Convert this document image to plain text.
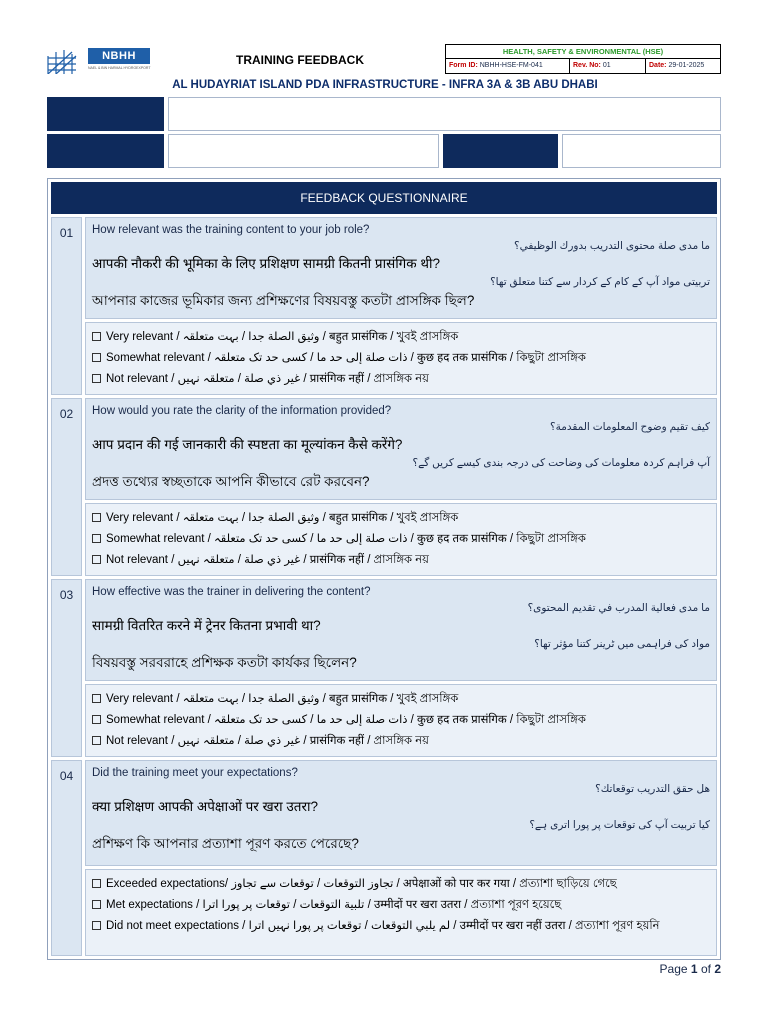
NBHH
NAEL & BIN HARMAL HYDROEXPORT
TRAINING FEEDBACK
AL HUDAYRIAT ISLAND PDA INFRASTRUCTURE - INFRA 3A & 3B ABU DHABI
HEALTH, SAFETY & ENVIRONMENTAL (HSE)
Form ID: NBHH-HSE-FM-041	Rev. No: 01	Date: 29-01-2025
FEEDBACK QUESTIONNAIRE
01	How relevant was the training content to your job role?
ما مدى صلة محتوى التدريب بدورك الوظيفي؟
आपकी नौकरी की भूमिका के लिए प्रशिक्षण सामग्री कितनी प्रासंगिक थी?
تربیتی مواد آپ کے کام کے کردار سے کتنا متعلق تھا؟
আপনার কাজের ভূমিকার জন্য প্রশিক্ষণের বিষয়বস্তু কতটা প্রাসঙ্গিক ছিল?
Very relevant / وثيق الصلة جدا / بہت متعلقہ / बहुत प्रासंगिक / খুবই প্রাসঙ্গিক
Somewhat relevant / ذات صلة إلى حد ما / کسی حد تک متعلقہ / कुछ हद तक प्रासंगिक / কিছুটা প্রাসঙ্গিক
Not relevant / غير ذي صلة / متعلقہ نہیں / प्रासंगिक नहीं / প্রাসঙ্গিক নয়
02	How would you rate the clarity of the information provided?
كيف تقيم وضوح المعلومات المقدمة؟
आप प्रदान की गई जानकारी की स्पष्टता का मूल्यांकन कैसे करेंगे?
آپ فراہم کردہ معلومات کی وضاحت کی درجہ بندی کیسے کریں گے؟
প্রদত্ত তথ্যের স্বচ্ছতাকে আপনি কীভাবে রেট করবেন?
Very relevant / وثيق الصلة جدا / بہت متعلقہ / बहुत प्रासंगिक / খুবই প্রাসঙ্গিক
Somewhat relevant / ذات صلة إلى حد ما / کسی حد تک متعلقہ / कुछ हद तक प्रासंगिक / কিছুটা প্রাসঙ্গিক
Not relevant / غير ذي صلة / متعلقہ نہیں / प्रासंगिक नहीं / প্রাসঙ্গিক নয়
03	How effective was the trainer in delivering the content?
ما مدى فعالية المدرب في تقديم المحتوى؟
सामग्री वितरित करने में ट्रेनर कितना प्रभावी था?
مواد کی فراہمی میں ٹرینر کتنا مؤثر تھا؟
বিষয়বস্তু সরবরাহে প্রশিক্ষক কতটা কার্যকর ছিলেন?
Very relevant / وثيق الصلة جدا / بہت متعلقہ / बहुत प्रासंगिक / খুবই প্রাসঙ্গিক
Somewhat relevant / ذات صلة إلى حد ما / کسی حد تک متعلقہ / कुछ हद तक प्रासंगिक / কিছুটা প্রাসঙ্গিক
Not relevant / غير ذي صلة / متعلقہ نہیں / प्रासंगिक नहीं / প্রাসঙ্গিক নয়
04	Did the training meet your expectations?
هل حقق التدريب توقعاتك؟
क्या प्रशिक्षण आपकी अपेक्षाओं पर खरा उतरा?
کیا تربیت آپ کی توقعات پر پورا اتری ہے؟
প্রশিক্ষণ কি আপনার প্রত্যাশা পূরণ করতে পেরেছে?
Exceeded expectations/ تجاوز التوقعات / توقعات سے تجاوز / अपेक्षाओं को पार कर गया / প্রত্যাশা ছাড়িয়ে গেছে
Met expectations / تلبية التوقعات / توقعات پر پورا اترا / उम्मीदों पर खरा उतरा / প্রত্যাশা পূরণ হয়েছে
Did not meet expectations / لم يلبي التوقعات / توقعات پر پورا نہیں اترا / उम्मीदों पर खरा नहीं उतरा / প্রত্যাশা পূরণ হয়নি
Page 1 of 2
